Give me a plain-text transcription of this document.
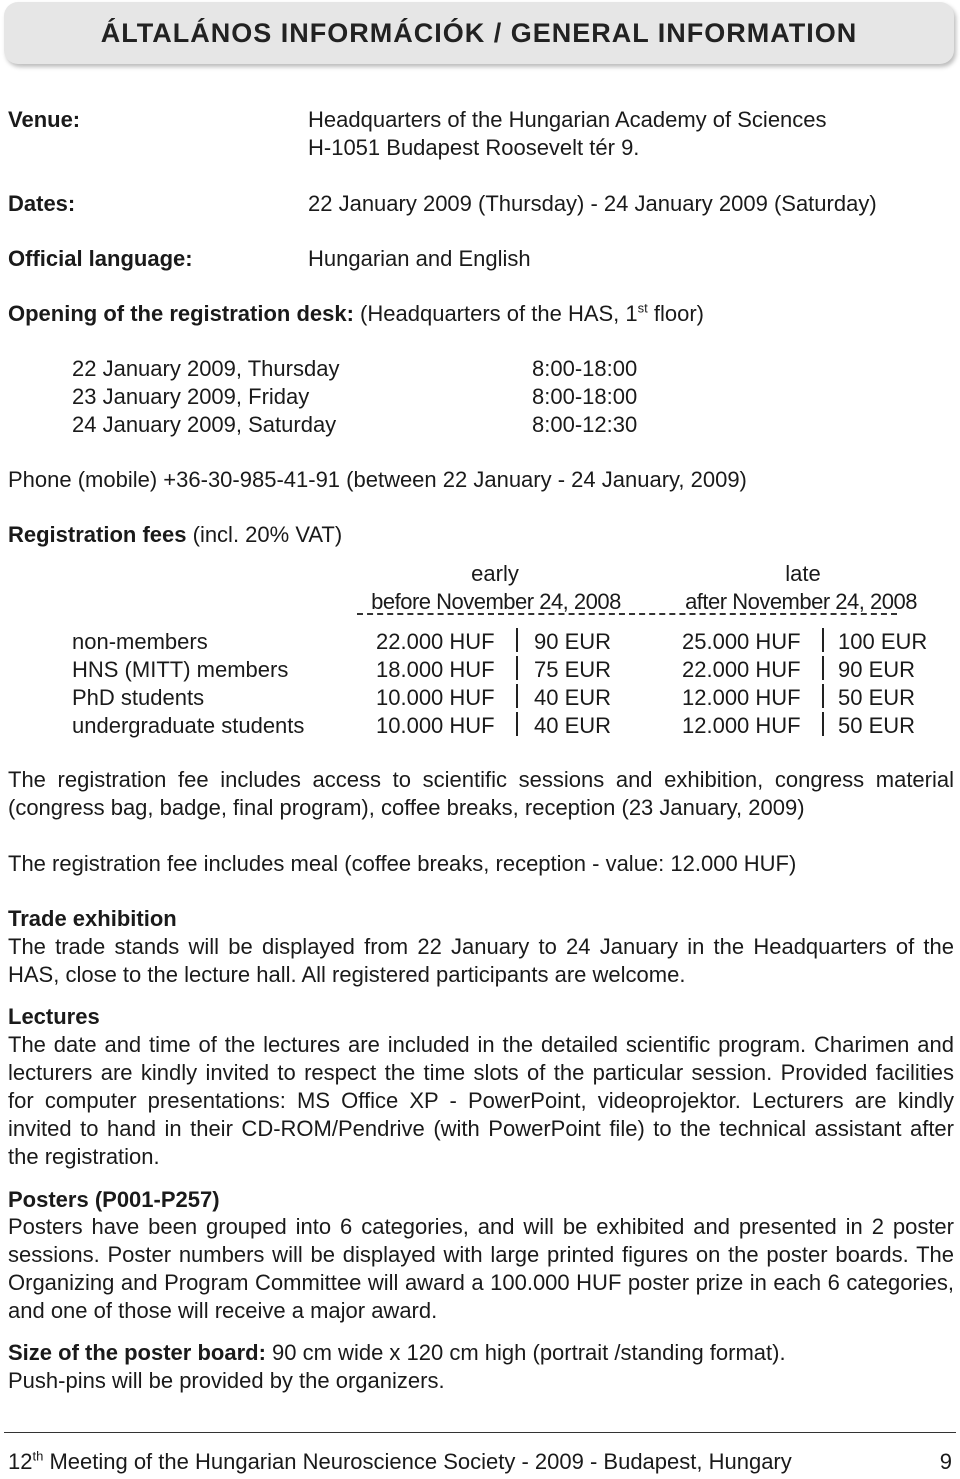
ÁLTALÁNOS INFORMÁCIÓK / GENERAL INFORMATION
Venue:	Headquarters of the Hungarian Academy of Sciences
H-1051 Budapest Roosevelt tér 9.
Dates:	22 January 2009 (Thursday) - 24 January 2009 (Saturday)
Official language:	Hungarian and English
Opening of the registration desk: (Headquarters of the HAS, 1st floor)
22 January 2009, Thursday	8:00-18:00
23 January 2009, Friday	8:00-18:00
24 January 2009, Saturday	8:00-12:30
Phone (mobile) +36-30-985-41-91 (between 22 January - 24 January, 2009)
Registration fees (incl. 20% VAT)
early
before November 24, 2008
late
after November 24, 2008
non-members	22.000 HUF 90 EUR	25.000 HUF 100 EUR
HNS (MITT) members	18.000 HUF 75 EUR	22.000 HUF 90 EUR
PhD students	10.000 HUF 40 EUR	12.000 HUF 50 EUR
undergraduate students	10.000 HUF 40 EUR	12.000 HUF 50 EUR
The registration fee includes access to scientific sessions and exhibition, congress material (congress bag, badge, final program), coffee breaks, reception (23 January, 2009)
The registration fee includes meal (coffee breaks, reception - value: 12.000 HUF)
Trade exhibition
The trade stands will be displayed from 22 January to 24 January in the Headquarters of the HAS, close to the lecture hall. All registered participants are welcome.
Lectures
The date and time of the lectures are included in the detailed scientific program. Charimen and lecturers are kindly invited to respect the time slots of the particular session. Provided facilities for computer presentations: MS Office XP - PowerPoint, videoprojektor. Lecturers are kindly invited to hand in their CD-ROM/Pendrive (with PowerPoint file) to the technical assistant after the registration.
Posters (P001-P257)
Posters have been grouped into 6 categories, and will be exhibited and presented in 2 poster sessions. Poster numbers will be displayed with large printed figures on the poster boards. The Organizing and Program Committee will award a 100.000 HUF poster prize in each 6 categories, and one of those will receive a major award.
Size of the poster board: 90 cm wide x 120 cm high (portrait /standing format).
Push-pins will be provided by the organizers.
12th Meeting of the Hungarian Neuroscience Society - 2009 - Budapest, Hungary	9
